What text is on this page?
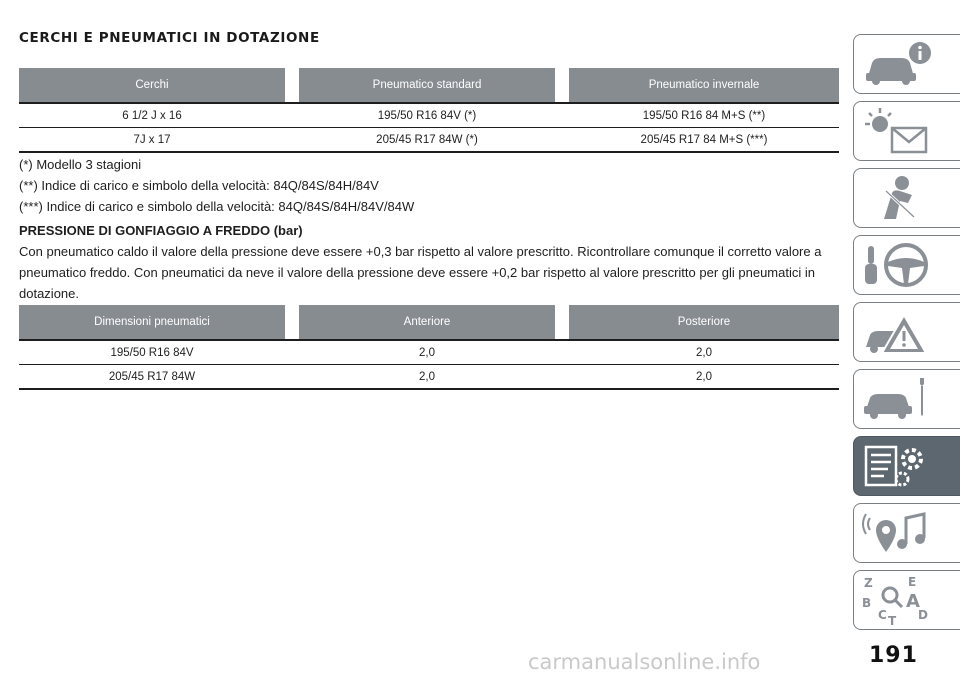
CERCHI E PNEUMATICI IN DOTAZIONE
Cerchi		Pneumatico standard		Pneumatico invernale
6 1/2 J x 16		195/50 R16 84V (*)		195/50 R16 84 M+S (**)
7J x 17		205/45 R17 84W (*)		205/45 R17 84 M+S (***)

(*) Modello 3 stagioni

(**) Indice di carico e simbolo della velocità: 84Q/84S/84H/84V

(***) Indice di carico e simbolo della velocità: 84Q/84S/84H/84V/84W

PRESSIONE DI GONFIAGGIO A FREDDO (bar)

Con pneumatico caldo il valore della pressione deve essere +0,3 bar rispetto al valore prescritto. Ricontrollare comunque il corretto valore a pneumatico freddo. Con pneumatici da neve il valore della pressione deve essere +0,2 bar rispetto al valore prescritto per gli pneumatici in dotazione.

Dimensioni pneumatici		Anteriore		Posteriore
195/50 R16 84V		2,0		2,0
205/45 R17 84W		2,0		2,0
Z	E
B A
C	D
T
carmanualsonline.info	191
